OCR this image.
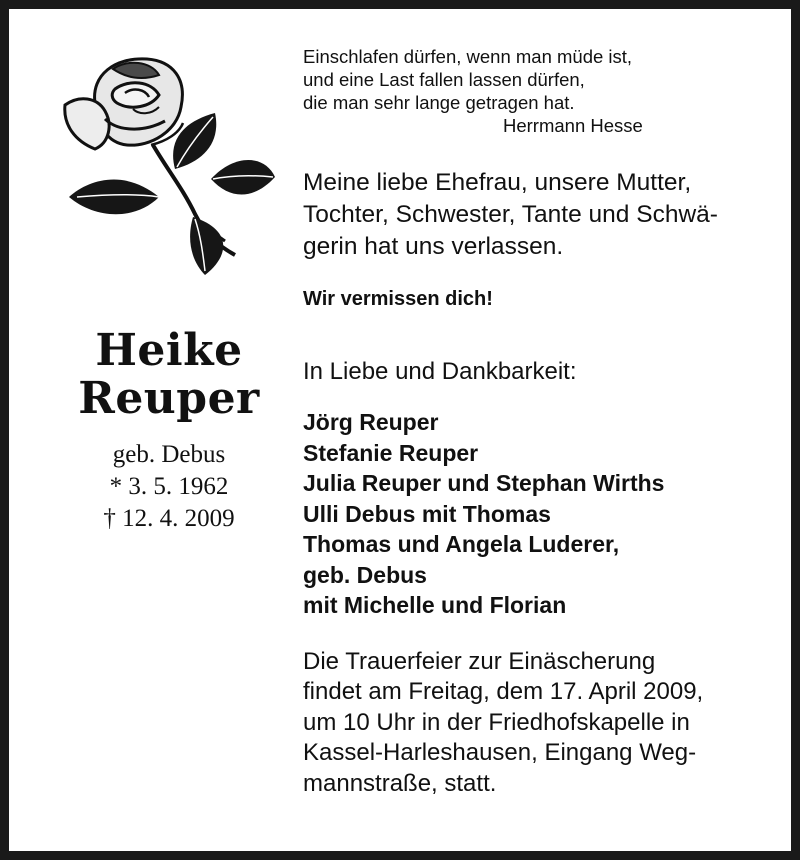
Heike

Reuper

geb. Debus

* 3. 5. 1962

† 12. 4. 2009

Einschlafen dürfen, wenn man müde ist,

und eine Last fallen lassen dürfen,

die man sehr lange getragen hat.

Herrmann Hesse

Meine liebe Ehefrau, unsere Mutter,
Tochter, Schwester, Tante und Schwä-
gerin hat uns verlassen.

Wir vermissen dich!

In Liebe und Dankbarkeit:

Jörg Reuper
Stefanie Reuper
Julia Reuper und Stephan Wirths
Ulli Debus mit Thomas
Thomas und Angela Luderer,
geb. Debus
mit Michelle und Florian

Die Trauerfeier zur Einäscherung
findet am Freitag, dem 17. April 2009,
um 10 Uhr in der Friedhofskapelle in
Kassel-Harleshausen, Eingang Weg-
mannstraße, statt.
